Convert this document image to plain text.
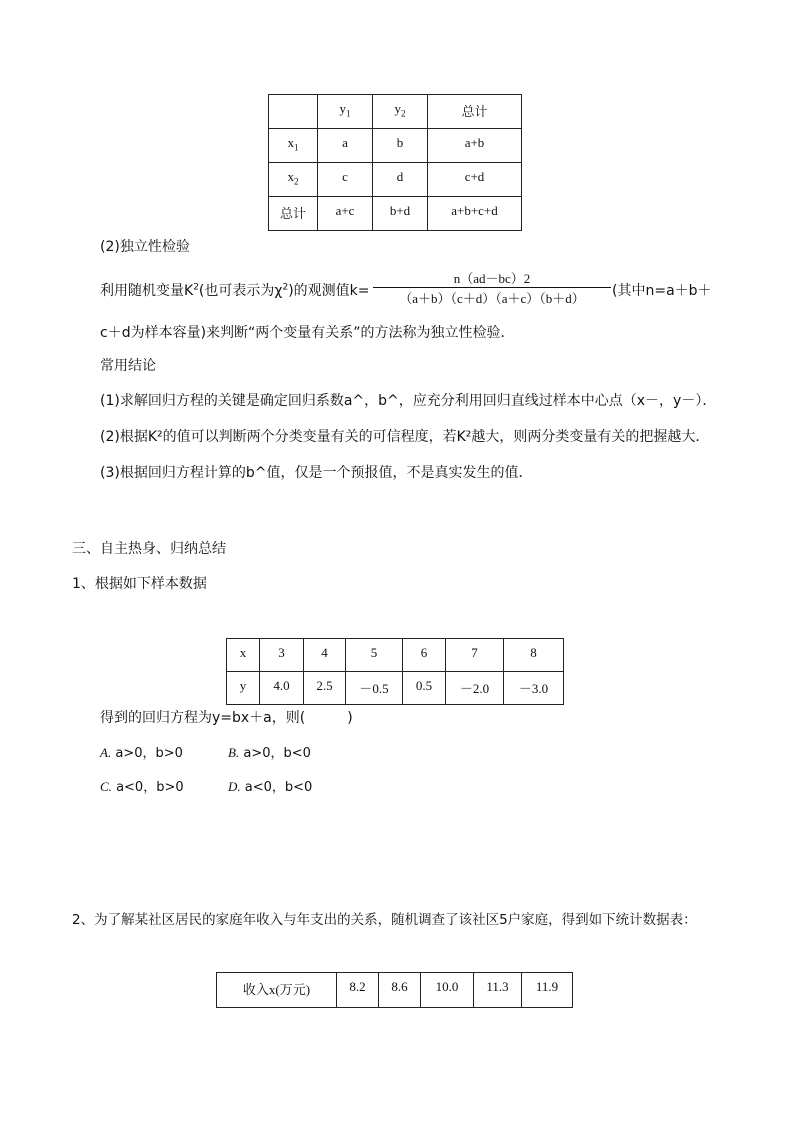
	$y_1$	$y_2$	总计
$x_1$	a	b	a+b
$x_2$	c	d	c+d
总计	a+c	b+d	a+b+c+d
(2)独立性检验
利用随机变量$K^2$(也可表示为$\chi^2$)的观测值k=
n（ad－bc）2
（a＋b）（c＋d）（a＋c）（b＋d）	(其中n=a＋b＋
c＋d为样本容量)来判断“两个变量有关系”的方法称为独立性检验．
常用结论
(1)求解回归方程的关键是确定回归系数a^，b^，应充分利用回归直线过样本中心点（x－，y－）．
(2)根据K²的值可以判断两个分类变量有关的可信程度，若K²越大，则两分类变量有关的把握越大．
(3)根据回归方程计算的b^值，仅是一个预报值，不是真实发生的值．
三、自主热身、归纳总结
1、根据如下样本数据
x	3	4	5	6	7	8
y	4.0	2.5	－0.5	0.5	－2.0	－3.0
得到的回归方程为y=bx＋a，则(　　　)
A. a>0，b>0	B. a>0，b<0
C. a<0，b>0	D. a<0，b<0
2、为了解某社区居民的家庭年收入与年支出的关系，随机调查了该社区5户家庭，得到如下统计数据表：
收入x(万元)	8.2	8.6	10.0	11.3	11.9
